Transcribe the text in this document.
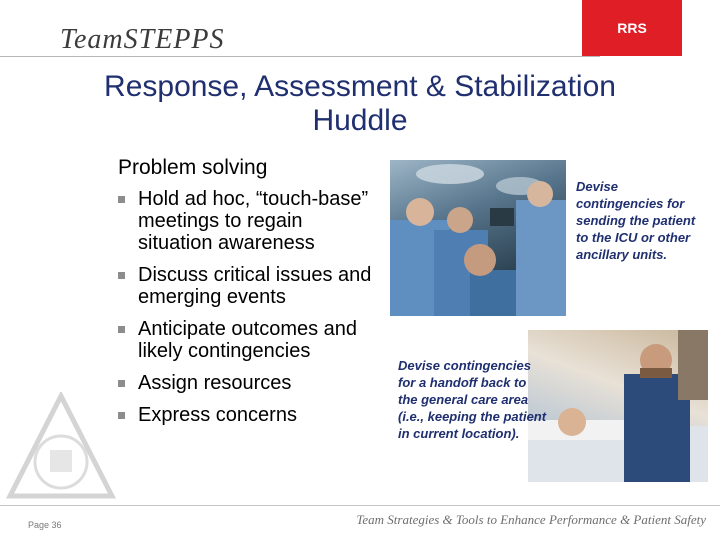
RRS
TeamSTEPPS
Response, Assessment & Stabilization
Huddle
Problem solving
Hold ad hoc, “touch-base” meetings to regain situation awareness
Discuss critical issues and emerging events
Anticipate outcomes and likely contingencies
Assign resources
Express concerns
Devise contingencies for sending the patient to the ICU or other ancillary units.
Devise contingencies for a handoff back to the general care area (i.e., keeping the patient in current location).
Page 36	Team Strategies & Tools to Enhance Performance & Patient Safety
